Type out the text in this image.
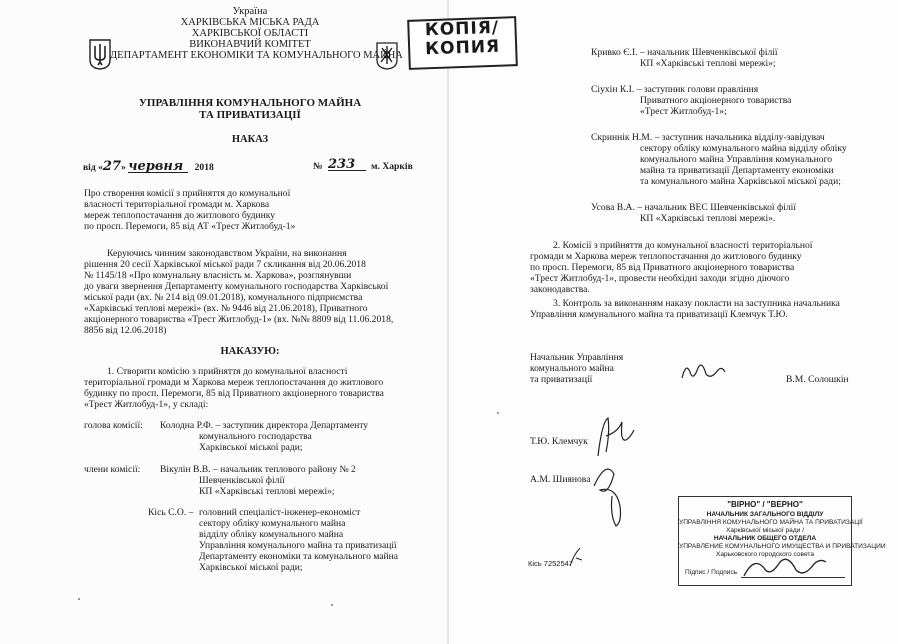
КОПІЯ/
КОПИЯ
Україна
ХАРКІВСЬКА МІСЬКА РАДА
ХАРКІВСЬКОЇ ОБЛАСТІ
ВИКОНАВЧИЙ КОМІТЕТ
ДЕПАРТАМЕНТ ЕКОНОМІКИ ТА КОМУНАЛЬНОГО МАЙНА
УПРАВЛІННЯ КОМУНАЛЬНОГО МАЙНА
ТА ПРИВАТИЗАЦІЇ
НАКАЗ
від «27» червня 2018	№ 233	м. Харків
Про створення комісії з прийняття до комунальної
власності територіальної громади м. Харкова
мереж теплопостачання до житлового будинку
по просп. Перемоги, 85 від АТ «Трест Житлобуд-1»
Керуючись чинним законодавством України, на виконання
рішення 20 сесії Харківської міської ради 7 скликання від 20.06.2018
№ 1145/18 «Про комунальну власність м. Харкова», розглянувши
до уваги звернення Департаменту комунального господарства Харківської
міської ради (вх. № 214 від 09.01.2018), комунального підприємства
«Харківські теплові мережі» (вх. № 9446 від 21.06.2018), Приватного
акціонерного товариства «Трест Житлобуд-1» (вх. №№ 8809 від 11.06.2018,
8856 від 12.06.2018)
НАКАЗУЮ:
1. Створити комісію з прийняття до комунальної власності
територіальної громади м Харкова мереж теплопостачання до житлового
будинку по просп. Перемоги, 85 від Приватного акціонерного товариства
«Трест Житлобуд-1», у складі:
голова комісії: Колодна Р.Ф. – заступник директора Департаменту
комунального господарства
Харківської міської ради;
члени комісії: Вікулін В.В. – начальник теплового району № 2
Шевченківської філії
КП «Харківські теплові мережі»;
Кісь С.О. – головний спеціаліст-інженер-економіст
сектору обліку комунального майна
відділу обліку комунального майна
Управління комунального майна та приватизації
Департаменту економіки та комунального майна
Харківської міської ради;
Кривко Є.І. – начальник Шевченківської філії
КП «Харківські теплові мережі»;
Сіухін К.І. – заступник голови правління
Приватного акціонерного товариства
«Трест Житлобуд-1»;
Скриннік Н.М. – заступник начальника відділу-завідувач
сектору обліку комунального майна відділу обліку
комунального майна Управління комунального
майна та приватизації Департаменту економіки
та комунального майна Харківської міської ради;
Усова В.А. – начальник ВЕС Шевченківської філії
КП «Харківські теплові мережі».
2. Комісії з прийняття до комунальної власності територіальної
громади м Харкова мереж теплопостачання до житлового будинку
по просп. Перемоги, 85 від Приватного акціонерного товариства
«Трест Житлобуд-1», провести необхідні заходи згідно діючого
законодавства.
3. Контроль за виконанням наказу покласти на заступника начальника
Управління комунального майна та приватизації Клемчук Т.Ю.
Начальник Управління
комунального майна
та приватизації	В.М. Солошкін
Т.Ю. Клемчук
А.М. Шиянова
Кісь 7252547
"ВІРНО" / "ВЕРНО"
НАЧАЛЬНИК ЗАГАЛЬНОГО ВІДДІЛУ
УПРАВЛІННЯ КОМУНАЛЬНОГО МАЙНА ТА ПРИВАТИЗАЦІЇ
Харківської міської ради /
НАЧАЛЬНИК ОБЩЕГО ОТДЕЛА
УПРАВЛЕНИЕ КОМУНАЛЬНОГО ИМУЩЕСТВА И ПРИВАТИЗАЦИИ
Харьковского городского совета
Підпис / Подпись
